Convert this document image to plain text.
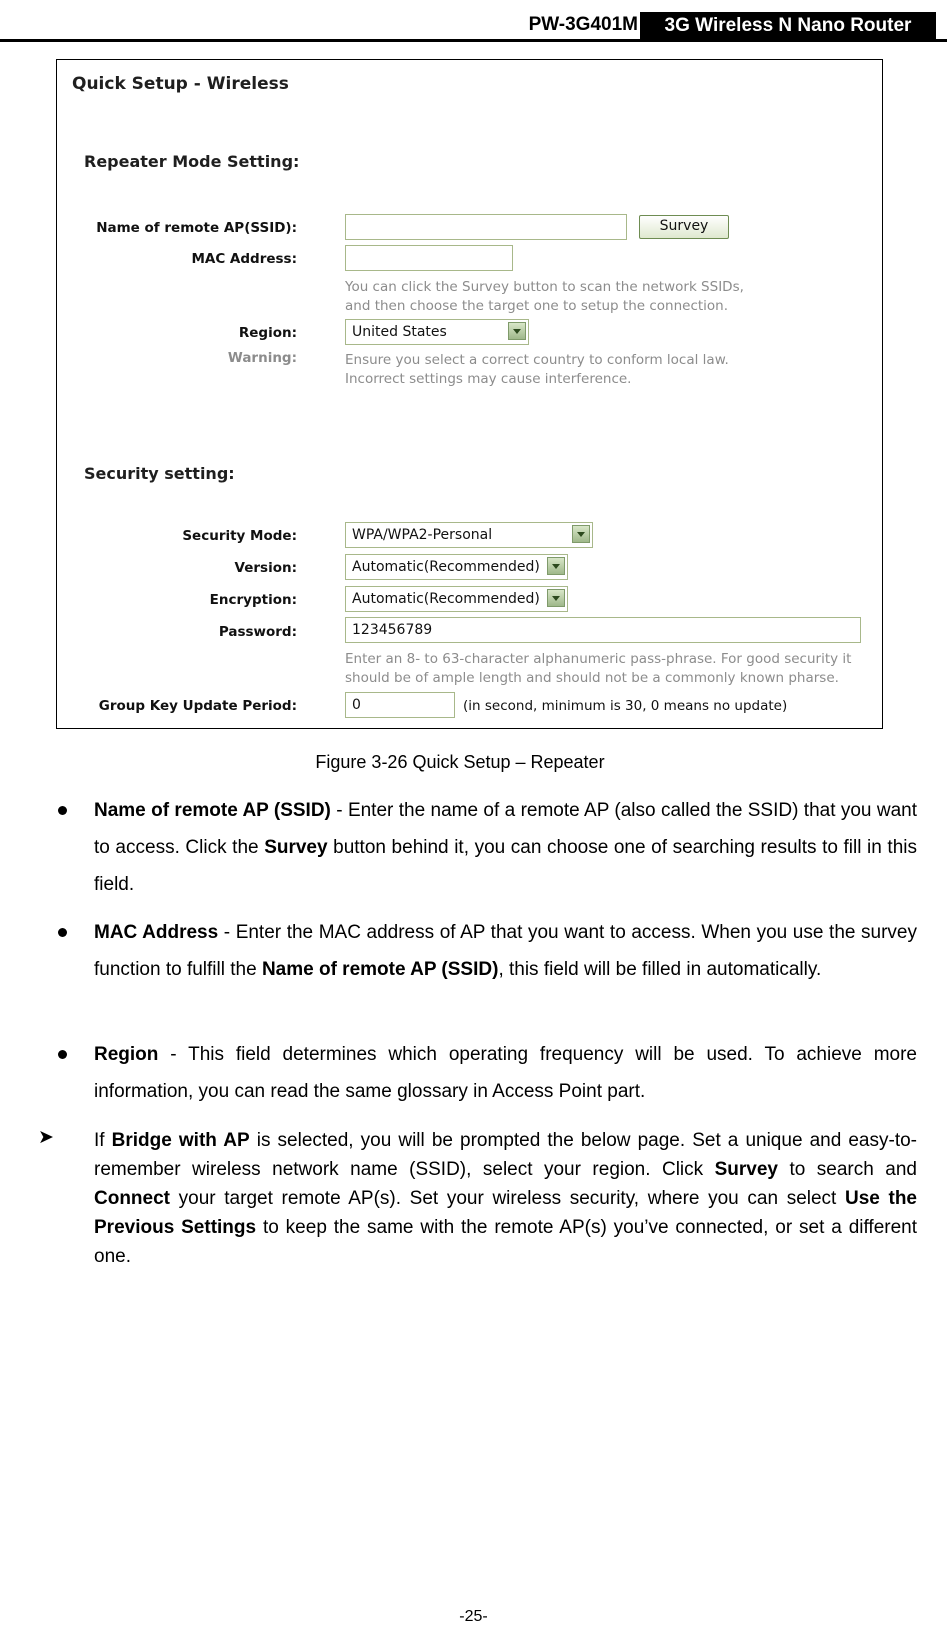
PW-3G401M	3G Wireless N Nano Router
Quick Setup - Wireless
Repeater Mode Setting:
Name of remote AP(SSID):	Survey
MAC Address:
You can click the Survey button to scan the network SSIDs,
and then choose the target one to setup the connection.
Region:	United States
Warning:	Ensure you select a correct country to conform local law.
Incorrect settings may cause interference.
Security setting:
Security Mode:	WPA/WPA2-Personal
Version:	Automatic(Recommended)
Encryption:	Automatic(Recommended)
Password:	123456789
Enter an 8- to 63-character alphanumeric pass-phrase. For good security it
should be of ample length and should not be a commonly known pharse.
Group Key Update Period:	0	(in second, minimum is 30, 0 means no update)
Figure 3-26 Quick Setup – Repeater
Name of remote AP (SSID) - Enter the name of a remote AP (also called the SSID) that you want to access. Click the Survey button behind it, you can choose one of searching results to fill in this field.
MAC Address - Enter the MAC address of AP that you want to access. When you use the survey function to fulfill the Name of remote AP (SSID), this field will be filled in automatically.
Region - This field determines which operating frequency will be used. To achieve more information, you can read the same glossary in Access Point part.
➤ If Bridge with AP is selected, you will be prompted the below page. Set a unique and easy-to-remember wireless network name (SSID), select your region. Click Survey to search and Connect your target remote AP(s). Set your wireless security, where you can select Use the Previous Settings to keep the same with the remote AP(s) you’ve connected, or set a different one.
-25-
